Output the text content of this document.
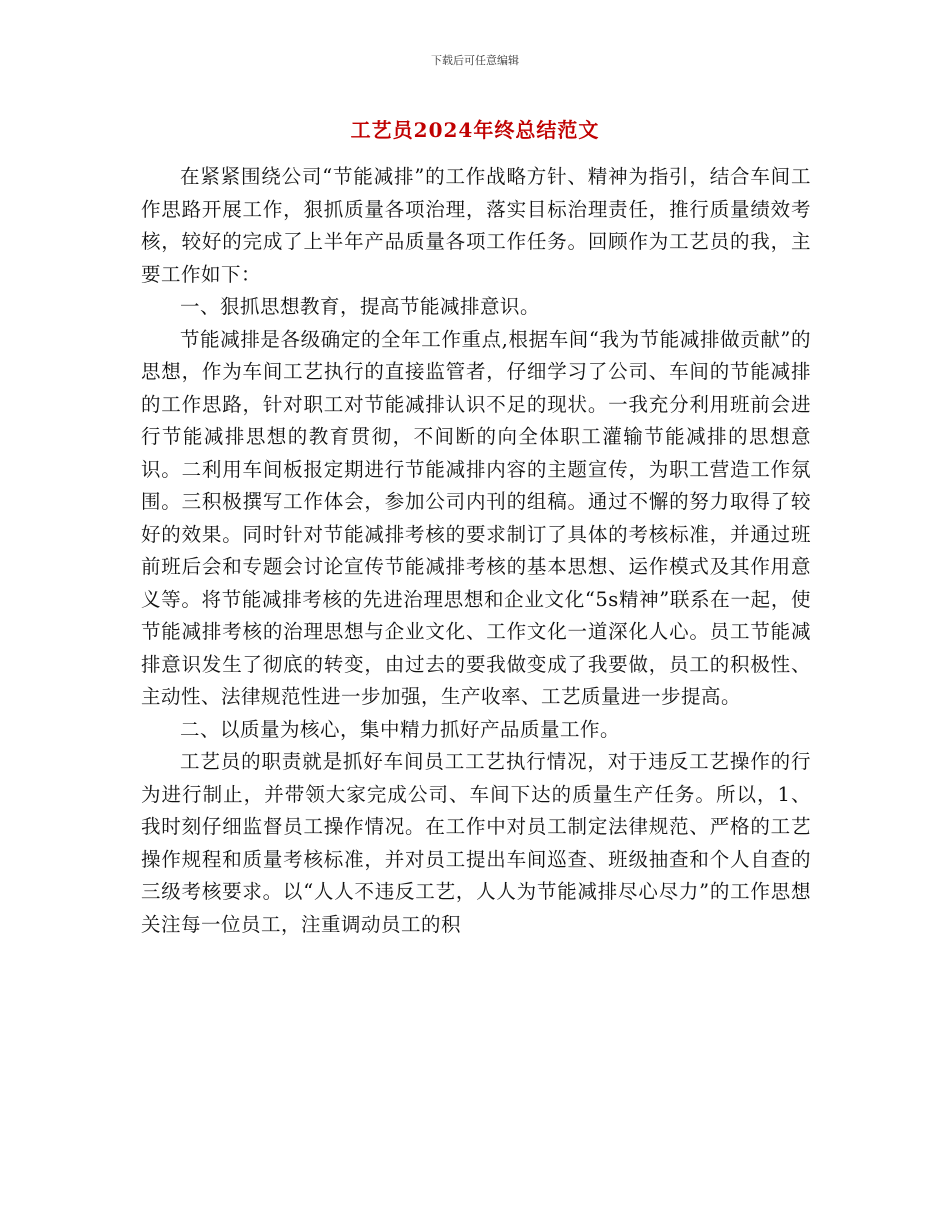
下载后可任意编辑
工艺员2024年终总结范文

在紧紧围绕公司“节能减排”的工作战略方针、精神为指引，结合车间工作思路开展工作，狠抓质量各项治理，落实目标治理责任，推行质量绩效考核，较好的完成了上半年产品质量各项工作任务。回顾作为工艺员的我，主要工作如下：

一、狠抓思想教育，提高节能减排意识。

节能减排是各级确定的全年工作重点,根据车间“我为节能减排做贡献”的思想，作为车间工艺执行的直接监管者，仔细学习了公司、车间的节能减排的工作思路，针对职工对节能减排认识不足的现状。一我充分利用班前会进行节能减排思想的教育贯彻，不间断的向全体职工灌输节能减排的思想意识。二利用车间板报定期进行节能减排内容的主题宣传，为职工营造工作氛围。三积极撰写工作体会，参加公司内刊的组稿。通过不懈的努力取得了较好的效果。同时针对节能减排考核的要求制订了具体的考核标准，并通过班前班后会和专题会讨论宣传节能减排考核的基本思想、运作模式及其作用意义等。将节能减排考核的先进治理思想和企业文化“5s精神”联系在一起，使节能减排考核的治理思想与企业文化、工作文化一道深化人心。员工节能减排意识发生了彻底的转变，由过去的要我做变成了我要做，员工的积极性、主动性、法律规范性进一步加强，生产收率、工艺质量进一步提高。

二、以质量为核心，集中精力抓好产品质量工作。

工艺员的职责就是抓好车间员工工艺执行情况，对于违反工艺操作的行为进行制止，并带领大家完成公司、车间下达的质量生产任务。所以，1、我时刻仔细监督员工操作情况。在工作中对员工制定法律规范、严格的工艺操作规程和质量考核标准，并对员工提出车间巡查、班级抽查和个人自查的三级考核要求。以“人人不违反工艺，人人为节能减排尽心尽力”的工作思想关注每一位员工，注重调动员工的积
